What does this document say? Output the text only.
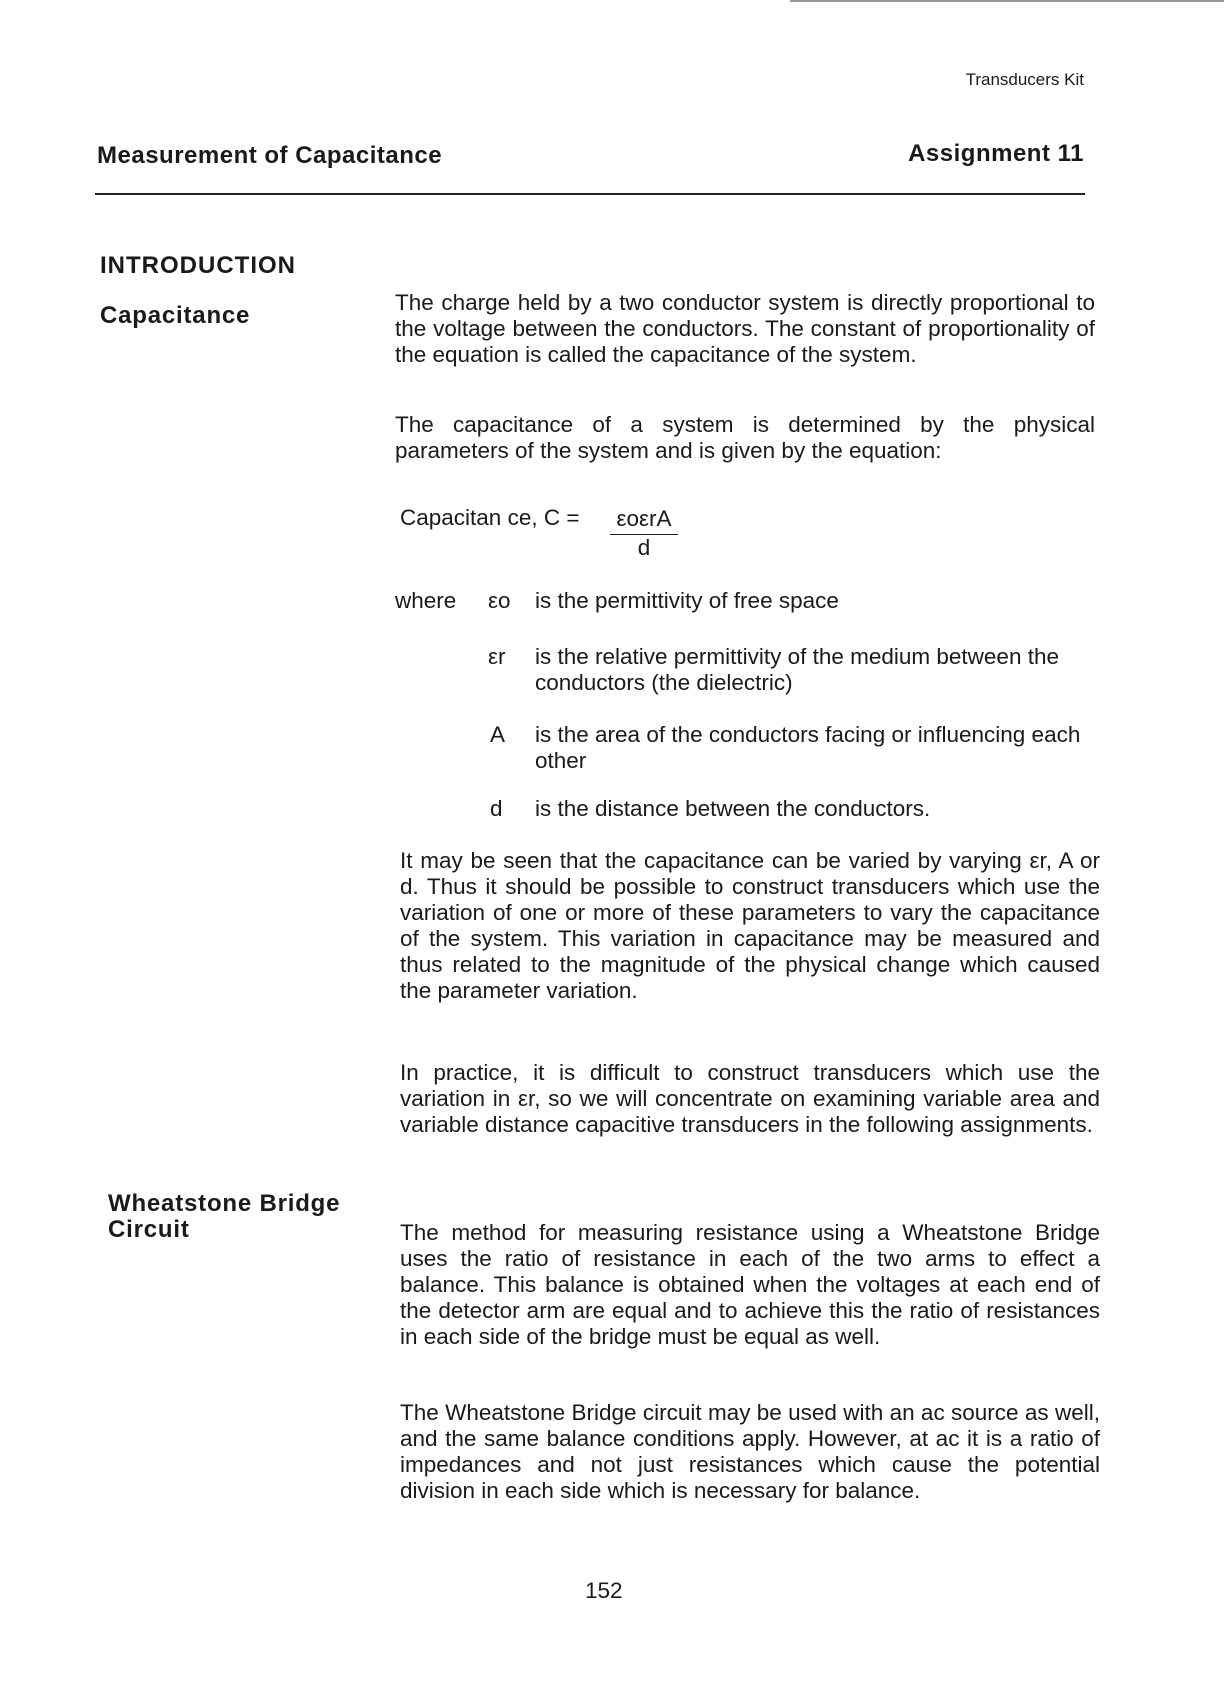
Transducers Kit
Measurement of Capacitance	Assignment 11
INTRODUCTION
Capacitance	The charge held by a two conductor system is directly proportional to the voltage between the conductors. The constant of proportionality of the equation is called the capacitance of the system.
The capacitance of a system is determined by the physical parameters of the system and is given by the equation:
Capacitan ce, C = εoεrA
d
where εo is the permittivity of free space
εr is the relative permittivity of the medium between the conductors (the dielectric)
A is the area of the conductors facing or influencing each other
d is the distance between the conductors.
It may be seen that the capacitance can be varied by varying εr, A or d. Thus it should be possible to construct transducers which use the variation of one or more of these parameters to vary the capacitance of the system. This variation in capacitance may be measured and thus related to the magnitude of the physical change which caused the parameter variation.
In practice, it is difficult to construct transducers which use the variation in εr, so we will concentrate on examining variable area and variable distance capacitive transducers in the following assignments.
Wheatstone Bridge
Circuit	The method for measuring resistance using a Wheatstone Bridge uses the ratio of resistance in each of the two arms to effect a balance. This balance is obtained when the voltages at each end of the detector arm are equal and to achieve this the ratio of resistances in each side of the bridge must be equal as well.
The Wheatstone Bridge circuit may be used with an ac source as well, and the same balance conditions apply. However, at ac it is a ratio of impedances and not just resistances which cause the potential division in each side which is necessary for balance.
152
